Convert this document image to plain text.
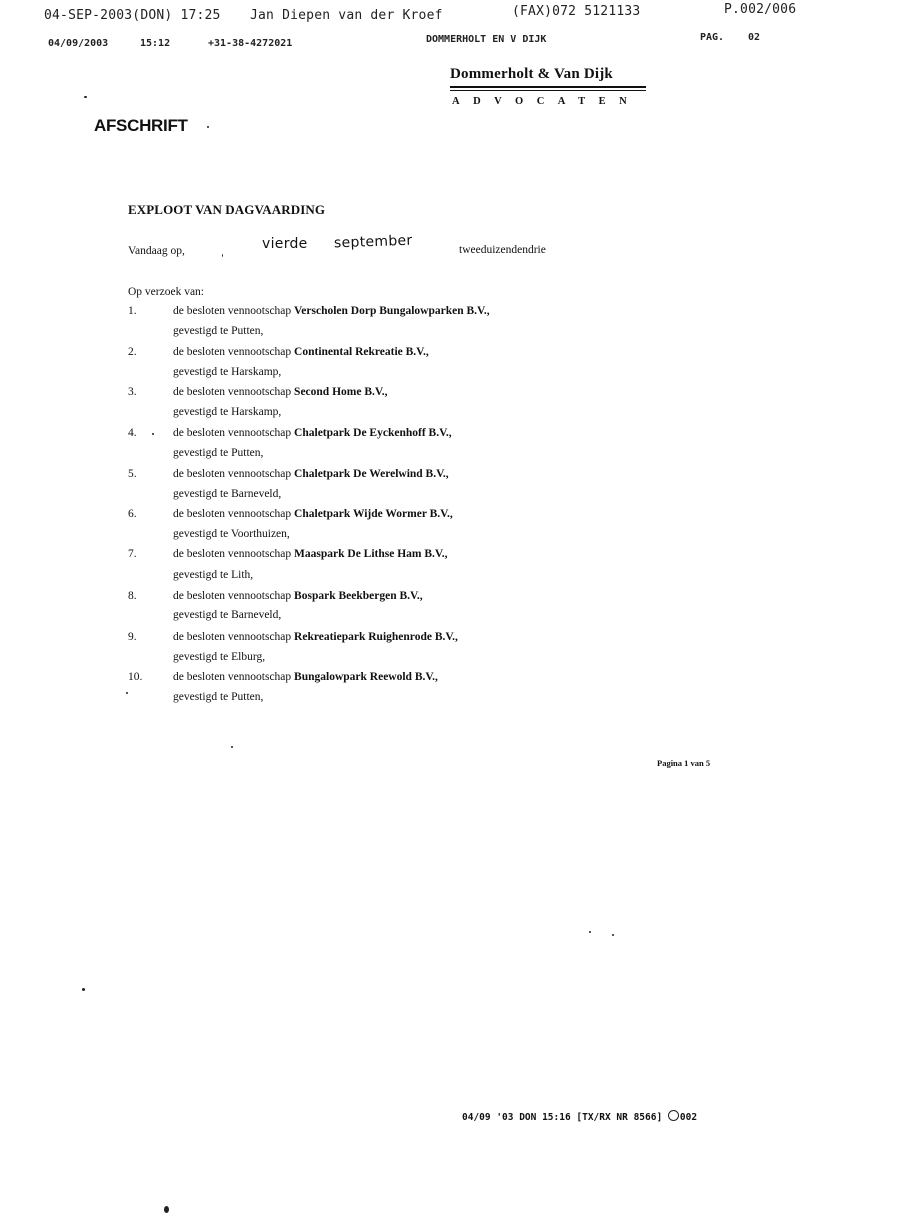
04-SEP-2003(DON) 17:25 Jan Diepen van der Kroef	(FAX)072 5121133	P.002/006
04/09/2003	15:12	+31-38-4272021	DOMMERHOLT EN V DIJK	PAG. 02
Dommerholt & Van Dijk
ADVOCATEN
AFSCHRIFT
EXPLOOT VAN DAGVAARDING
Vandaag op,	vierde september	tweeduizendendrie
Op verzoek van:
1.	de besloten vennootschap Verscholen Dorp Bungalowparken B.V.,
gevestigd te Putten,
2.	de besloten vennootschap Continental Rekreatie B.V.,
gevestigd te Harskamp,
3.	de besloten vennootschap Second Home B.V.,
gevestigd te Harskamp,
4.	de besloten vennootschap Chaletpark De Eyckenhoff B.V.,
gevestigd te Putten,
5.	de besloten vennootschap Chaletpark De Werelwind B.V.,
gevestigd te Barneveld,
6.	de besloten vennootschap Chaletpark Wijde Wormer B.V.,
gevestigd te Voorthuizen,
7.	de besloten vennootschap Maaspark De Lithse Ham B.V.,
gevestigd te Lith,
8.	de besloten vennootschap Bospark Beekbergen B.V.,
gevestigd te Barneveld,
9.	de besloten vennootschap Rekreatiepark Ruighenrode B.V.,
gevestigd te Elburg,
10.	de besloten vennootschap Bungalowpark Reewold B.V.,
gevestigd te Putten,
Pagina 1 van 5
04/09 '03 DON 15:16 [TX/RX NR 8566] 002
